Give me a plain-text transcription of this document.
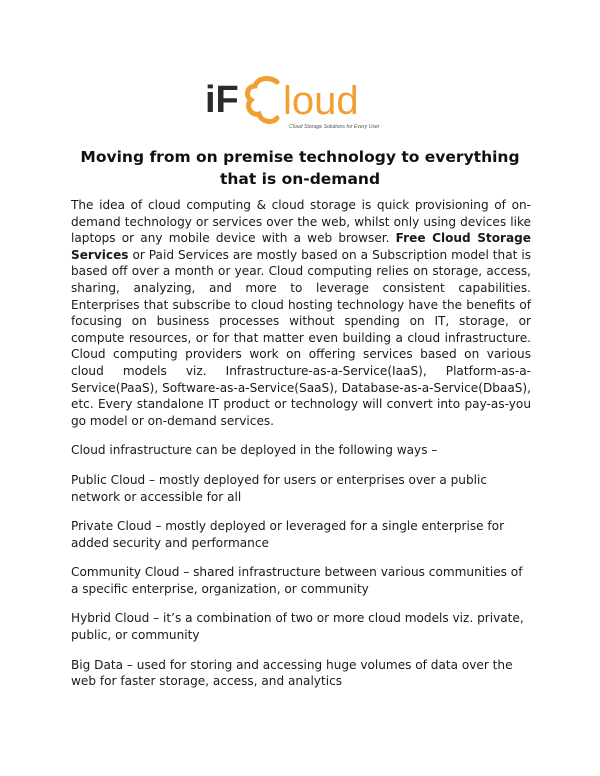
iF loud
Cloud Storage Solutions for Every User
Moving from on premise technology to everything
that is on-demand

The idea of cloud computing & cloud storage is quick provisioning of on-demand technology or services over the web, whilst only using devices like laptops or any mobile device with a web browser. Free Cloud Storage Services or Paid Services are mostly based on a Subscription model that is based off over a month or year. Cloud computing relies on storage, access, sharing, analyzing, and more to leverage consistent capabilities. Enterprises that subscribe to cloud hosting technology have the benefits of focusing on business processes without spending on IT, storage, or compute resources, or for that matter even building a cloud infrastructure. Cloud computing providers work on offering services based on various cloud models viz. Infrastructure-as-a-Service(IaaS), Platform-as-a-Service(PaaS), Software-as-a-Service(SaaS), Database-as-a-Service(DbaaS), etc. Every standalone IT product or technology will convert into pay-as-you go model or on-demand services.

Cloud infrastructure can be deployed in the following ways –

Public Cloud – mostly deployed for users or enterprises over a public network or accessible for all

Private Cloud – mostly deployed or leveraged for a single enterprise for added security and performance

Community Cloud – shared infrastructure between various communities of a specific enterprise, organization, or community

Hybrid Cloud – it’s a combination of two or more cloud models viz. private, public, or community

Big Data – used for storing and accessing huge volumes of data over the web for faster storage, access, and analytics
